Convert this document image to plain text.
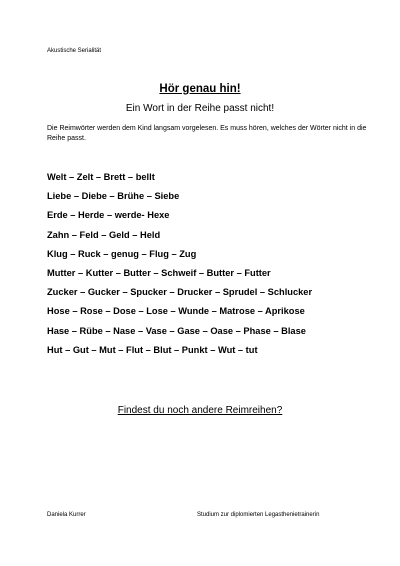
Akustische Serialität
Hör genau hin!
Ein Wort in der Reihe passt nicht!
Die Reimwörter werden dem Kind langsam vorgelesen. Es muss hören, welches der Wörter nicht in die Reihe passt.
Welt – Zelt – Brett – bellt
Liebe – Diebe – Brühe – Siebe
Erde – Herde – werde- Hexe
Zahn – Feld – Geld – Held
Klug – Ruck – genug – Flug – Zug
Mutter – Kutter – Butter – Schweif – Butter – Futter
Zucker – Gucker – Spucker – Drucker – Sprudel – Schlucker
Hose – Rose – Dose – Lose – Wunde – Matrose – Aprikose
Hase – Rübe – Nase – Vase – Gase – Oase – Phase – Blase
Hut – Gut – Mut – Flut – Blut – Punkt – Wut – tut
Findest du noch andere Reimreihen?
Daniela Kurrer	Studium zur diplomierten Legasthenietrainerin
